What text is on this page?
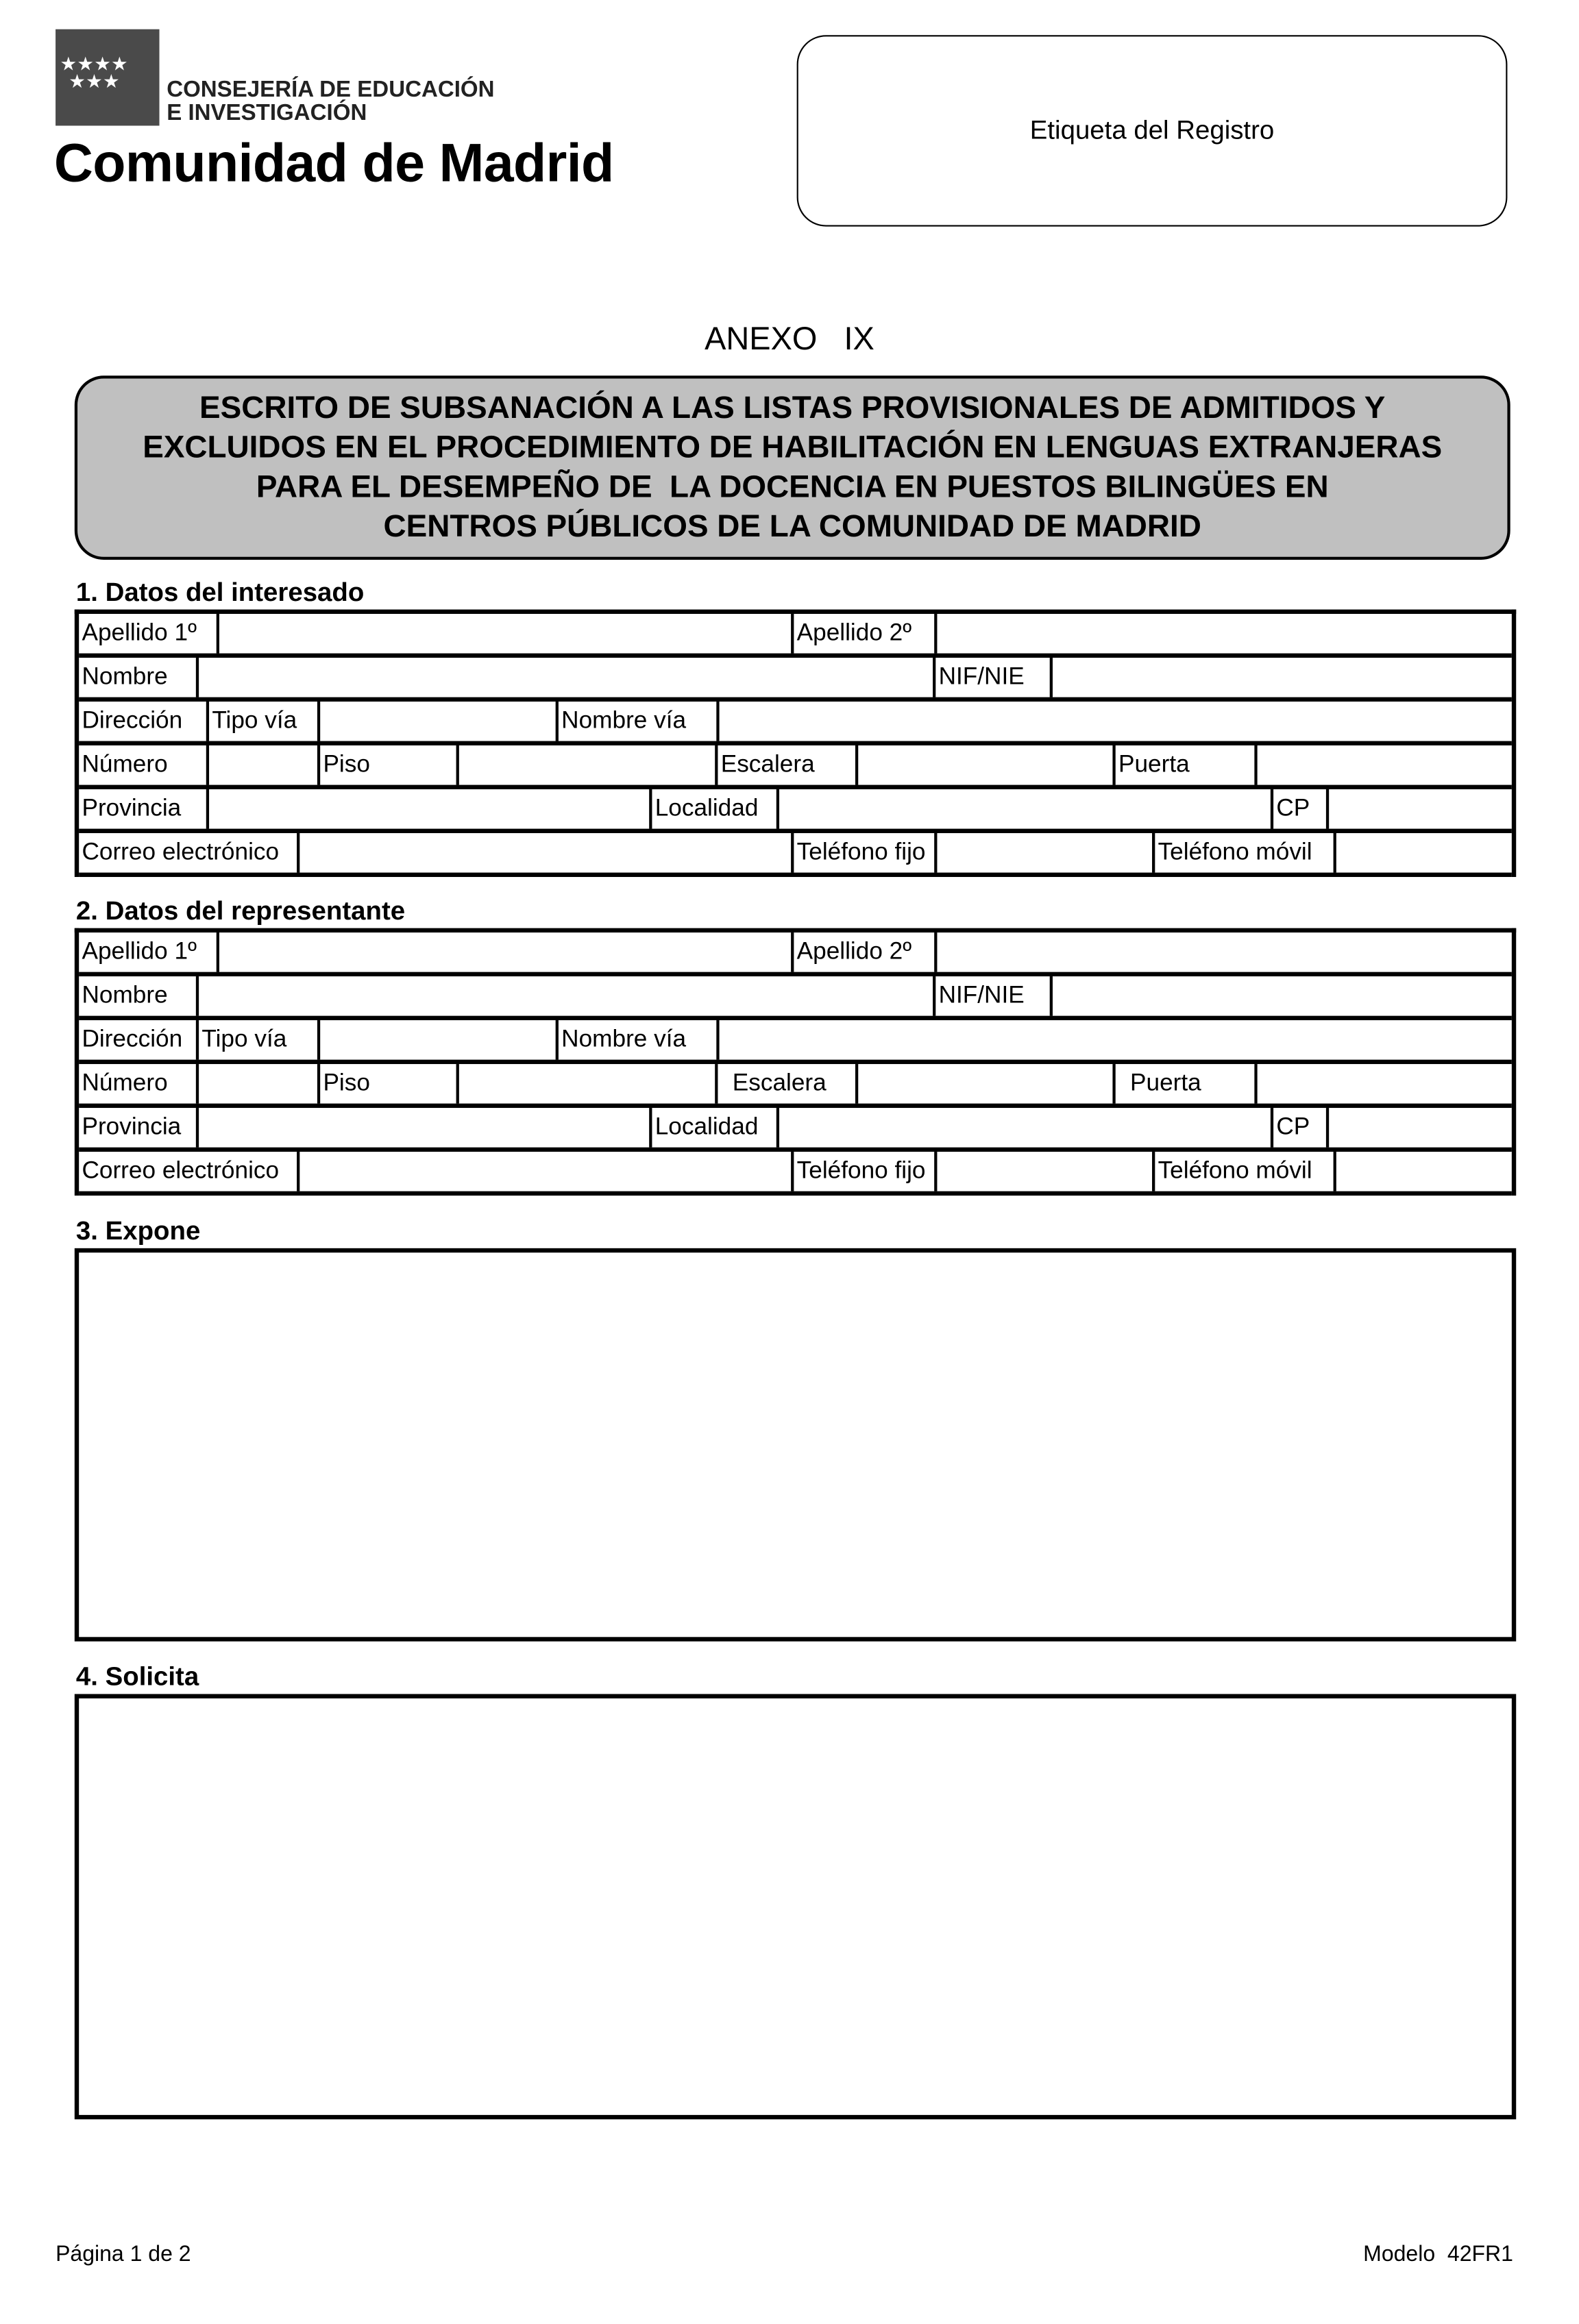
★★★★
★★★	CONSEJERÍA DE EDUCACIÓN
E INVESTIGACIÓN
Comunidad de Madrid
Etiqueta del Registro
ANEXO   IX
ESCRITO DE SUBSANACIÓN A LAS LISTAS PROVISIONALES DE ADMITIDOS Y
EXCLUIDOS EN EL PROCEDIMIENTO DE HABILITACIÓN EN LENGUAS EXTRANJERAS
PARA EL DESEMPEÑO DE  LA DOCENCIA EN PUESTOS BILINGÜES EN
CENTROS PÚBLICOS DE LA COMUNIDAD DE MADRID
1. Datos del interesado
Apellido 1º	Apellido 2º
Nombre	NIF/NIE
Dirección	Tipo vía	Nombre vía
Número	Piso	Escalera	Puerta
Provincia	Localidad	CP
Correo electrónico	Teléfono fijo	Teléfono móvil
2. Datos del representante
Apellido 1º	Apellido 2º
Nombre	NIF/NIE
Dirección	Tipo vía	Nombre vía
Número	Piso	Escalera	Puerta
Provincia	Localidad	CP
Correo electrónico	Teléfono fijo	Teléfono móvil
3. Expone
4. Solicita
Página 1 de 2	Modelo  42FR1
